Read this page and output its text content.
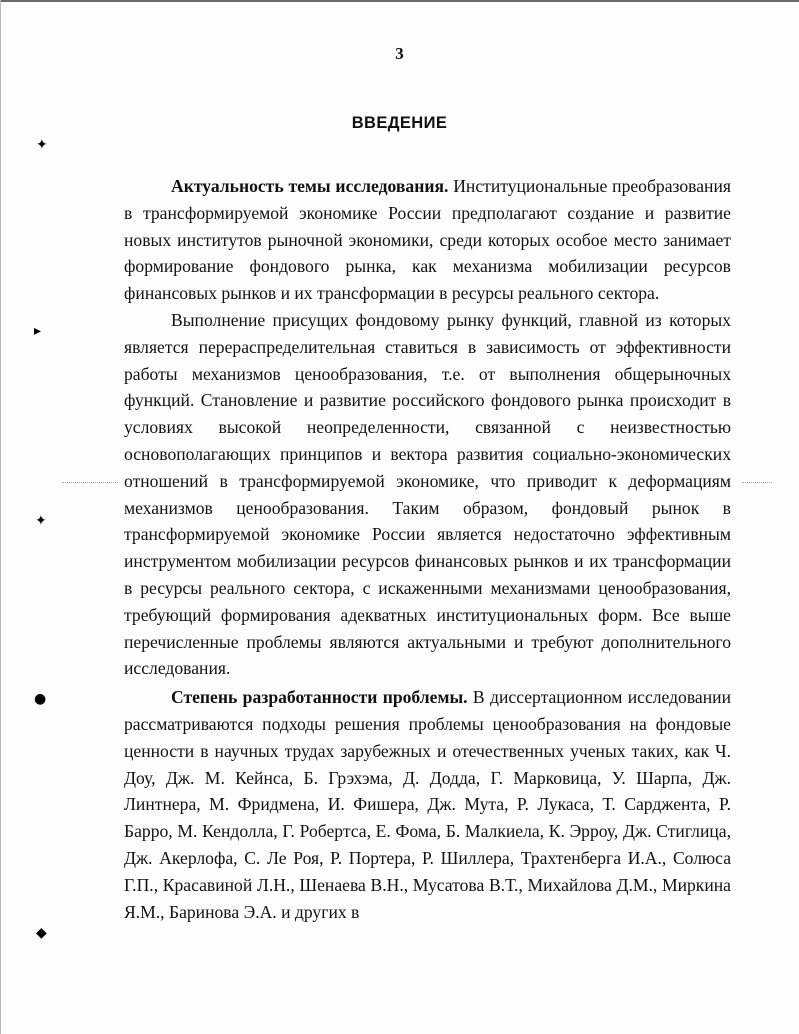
✦
▸
✦
●
◆
3
ВВЕДЕНИЕ

Актуальность темы исследования. Институциональные преобразования в трансформируемой экономике России предполагают создание и развитие новых институтов рыночной экономики, среди которых особое место занимает формирование фондового рынка, как механизма мобилизации ресурсов финансовых рынков и их трансформации в ресурсы реального сектора.

Выполнение присущих фондовому рынку функций, главной из которых является перераспределительная ставиться в зависимость от эффективности работы механизмов ценообразования, т.е. от выполнения общерыночных функций. Становление и развитие российского фондового рынка происходит в условиях высокой неопределенности, связанной с неизвестностью основополагающих принципов и вектора развития социально-экономических отношений в трансформируемой экономике, что приводит к деформациям механизмов ценообразования. Таким образом, фондовый рынок в трансформируемой экономике России является недостаточно эффективным инструментом мобилизации ресурсов финансовых рынков и их трансформации в ресурсы реального сектора, с искаженными механизмами ценообразования, требующий формирования адекватных институциональных форм. Все выше перечисленные проблемы являются актуальными и требуют дополнительного исследования.

Степень разработанности проблемы. В диссертационном исследовании рассматриваются подходы решения проблемы ценообразования на фондовые ценности в научных трудах зарубежных и отечественных ученых таких, как Ч. Доу, Дж. М. Кейнса, Б. Грэхэма, Д. Додда, Г. Марковица, У. Шарпа, Дж. Линтнера, М. Фридмена, И. Фишера, Дж. Мута, Р. Лукаса, Т. Сарджента, Р. Барро, М. Кендолла, Г. Робертса, Е. Фома, Б. Малкиела, К. Эрроу, Дж. Стиглица, Дж. Акерлофа, С. Ле Роя, Р. Портера, Р. Шиллера, Трахтенберга И.А., Солюса Г.П., Красавиной Л.Н., Шенаева В.Н., Мусатова В.Т., Михайлова Д.М., Миркина Я.М., Баринова Э.А. и других в
